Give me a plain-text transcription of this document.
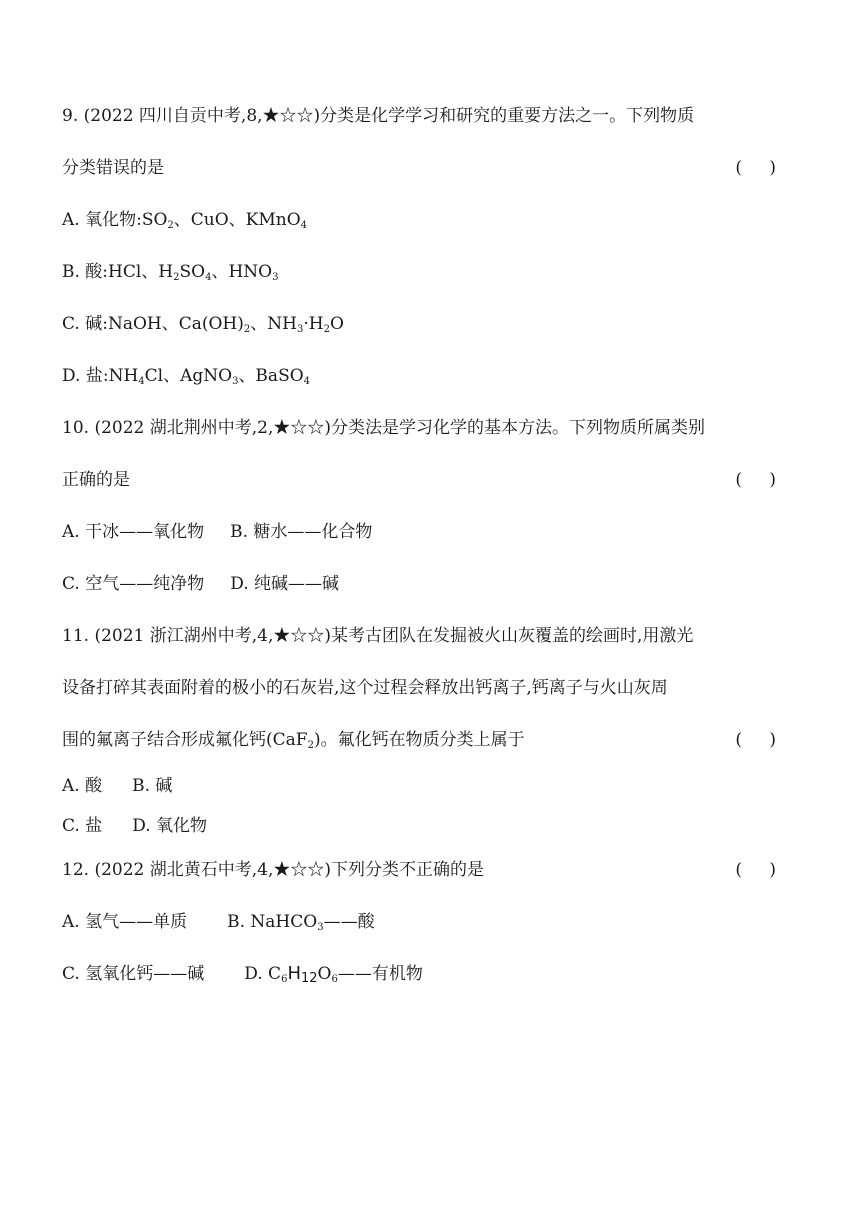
9. (2022 四川自贡中考,8,★☆☆)分类是化学学习和研究的重要方法之一。下列物质
分类错误的是	( )
A. 氧化物$:SO_2$、CuO、KMnO$_4$
B. 酸:HCl、$H_2SO_4$、$HNO_3$
C. 碱:NaOH、$Ca(OH)_2$、$NH_3\cdot H_2O$
D. 盐$:NH_4Cl$、AgNO$_3$、BaSO$_4$
10. (2022 湖北荆州中考,2,★☆☆)分类法是学习化学的基本方法。下列物质所属类别
正确的是	( )
A. 干冰——氧化物 B. 糖水——化合物
C. 空气——纯净物 D. 纯碱——碱
11. (2021 浙江湖州中考,4,★☆☆)某考古团队在发掘被火山灰覆盖的绘画时,用激光
设备打碎其表面附着的极小的石灰岩,这个过程会释放出钙离子,钙离子与火山灰周
围的氟离子结合形成氟化钙(CaF$_2$)。氟化钙在物质分类上属于	( )
A. 酸 B. 碱
C. 盐 D. 氧化物
12. (2022 湖北黄石中考,4,★☆☆)下列分类不正确的是	( )
A. 氢气——单质 B. NaHCO$_3$——酸
C. 氢氧化钙——碱 D. $C_6H_{12}O_6——$有机物
